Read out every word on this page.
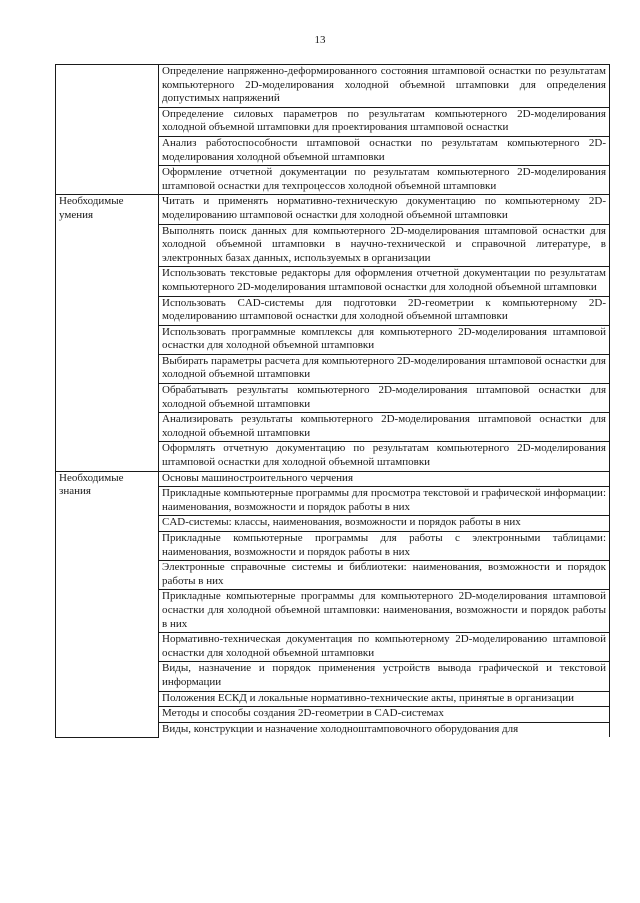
13
	Определение напряженно-деформированного состояния штамповой оснастки по результатам компьютерного 2D-моделирования холодной объемной штамповки для определения допустимых напряжений
	Определение силовых параметров по результатам компьютерного 2D-моделирования холодной объемной штамповки для проектирования штамповой оснастки
	Анализ работоспособности штамповой оснастки по результатам компьютерного 2D-моделирования холодной объемной штамповки
	Оформление отчетной документации по результатам компьютерного 2D-моделирования штамповой оснастки для техпроцессов холодной объемной штамповки

Необходимые умения	Читать и применять нормативно-техническую документацию по компьютерному 2D-моделированию штамповой оснастки для холодной объемной штамповки
	Выполнять поиск данных для компьютерного 2D-моделирования штамповой оснастки для холодной объемной штамповки в научно-технической и справочной литературе, в электронных базах данных, используемых в организации
	Использовать текстовые редакторы для оформления отчетной документации по результатам компьютерного 2D-моделирования штамповой оснастки для холодной объемной штамповки
	Использовать CAD-системы для подготовки 2D-геометрии к компьютерному 2D-моделированию штамповой оснастки для холодной объемной штамповки
	Использовать программные комплексы для компьютерного 2D-моделирования штамповой оснастки для холодной объемной штамповки
	Выбирать параметры расчета для компьютерного 2D-моделирования штамповой оснастки для холодной объемной штамповки
	Обрабатывать результаты компьютерного 2D-моделирования штамповой оснастки для холодной объемной штамповки
	Анализировать результаты компьютерного 2D-моделирования штамповой оснастки для холодной объемной штамповки
	Оформлять отчетную документацию по результатам компьютерного 2D-моделирования штамповой оснастки для холодной объемной штамповки

Необходимые знания	Основы машиностроительного черчения
	Прикладные компьютерные программы для просмотра текстовой и графической информации: наименования, возможности и порядок работы в них
	CAD-системы: классы, наименования, возможности и порядок работы в них
	Прикладные компьютерные программы для работы с электронными таблицами: наименования, возможности и порядок работы в них
	Электронные справочные системы и библиотеки: наименования, возможности и порядок работы в них
	Прикладные компьютерные программы для компьютерного 2D-моделирования штамповой оснастки для холодной объемной штамповки: наименования, возможности и порядок работы в них
	Нормативно-техническая документация по компьютерному 2D-моделированию штамповой оснастки для холодной объемной штамповки
	Виды, назначение и порядок применения устройств вывода графической и текстовой информации
	Положения ЕСКД и локальные нормативно-технические акты, принятые в организации
	Методы и способы создания 2D-геометрии в CAD-системах
	Виды, конструкции и назначение холодноштамповочного оборудования для
